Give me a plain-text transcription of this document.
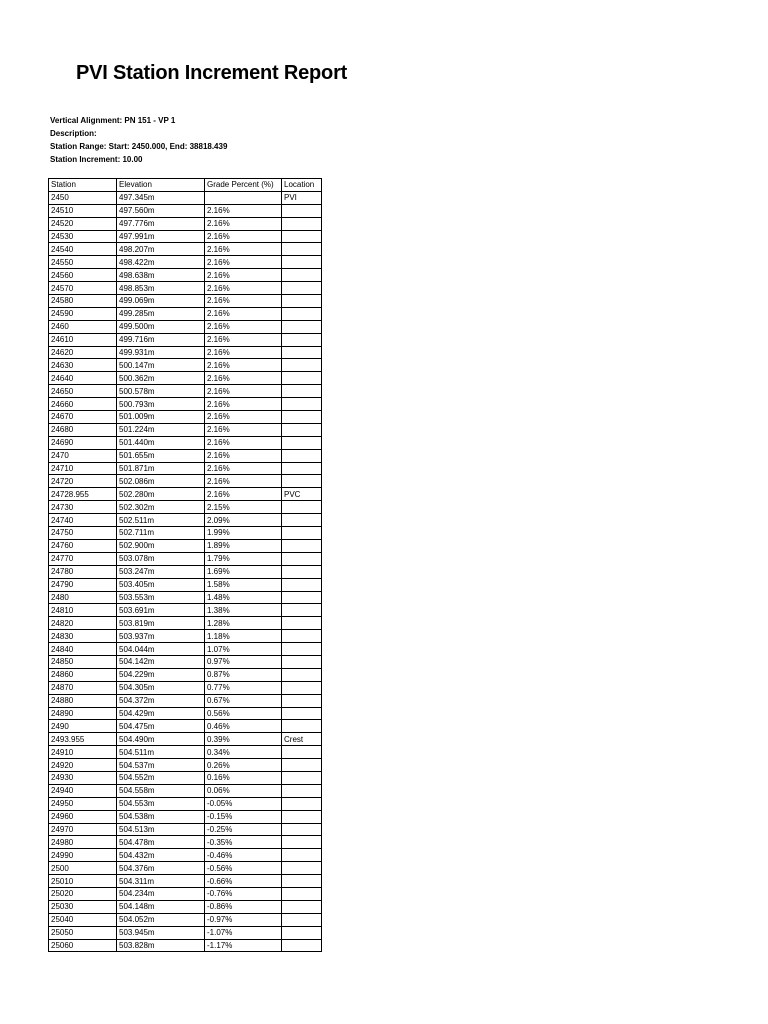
PVI Station Increment Report
Vertical Alignment: PN 151 - VP 1
Description:
Station Range: Start: 2450.000, End: 38818.439
Station Increment: 10.00
Station	Elevation	Grade Percent (%)	Location
2450	497.345m		PVI
24510	497.560m	2.16%	
24520	497.776m	2.16%	
24530	497.991m	2.16%	
24540	498.207m	2.16%	
24550	498.422m	2.16%	
24560	498.638m	2.16%	
24570	498.853m	2.16%	
24580	499.069m	2.16%	
24590	499.285m	2.16%	
2460	499.500m	2.16%	
24610	499.716m	2.16%	
24620	499.931m	2.16%	
24630	500.147m	2.16%	
24640	500.362m	2.16%	
24650	500.578m	2.16%	
24660	500.793m	2.16%	
24670	501.009m	2.16%	
24680	501.224m	2.16%	
24690	501.440m	2.16%	
2470	501.655m	2.16%	
24710	501.871m	2.16%	
24720	502.086m	2.16%	
24728.955	502.280m	2.16%	PVC
24730	502.302m	2.15%	
24740	502.511m	2.09%	
24750	502.711m	1.99%	
24760	502.900m	1.89%	
24770	503.078m	1.79%	
24780	503.247m	1.69%	
24790	503.405m	1.58%	
2480	503.553m	1.48%	
24810	503.691m	1.38%	
24820	503.819m	1.28%	
24830	503.937m	1.18%	
24840	504.044m	1.07%	
24850	504.142m	0.97%	
24860	504.229m	0.87%	
24870	504.305m	0.77%	
24880	504.372m	0.67%	
24890	504.429m	0.56%	
2490	504.475m	0.46%	
2493.955	504.490m	0.39%	Crest
24910	504.511m	0.34%	
24920	504.537m	0.26%	
24930	504.552m	0.16%	
24940	504.558m	0.06%	
24950	504.553m	-0.05%	
24960	504.538m	-0.15%	
24970	504.513m	-0.25%	
24980	504.478m	-0.35%	
24990	504.432m	-0.46%	
2500	504.376m	-0.56%	
25010	504.311m	-0.66%	
25020	504.234m	-0.76%	
25030	504.148m	-0.86%	
25040	504.052m	-0.97%	
25050	503.945m	-1.07%	
25060	503.828m	-1.17%	
